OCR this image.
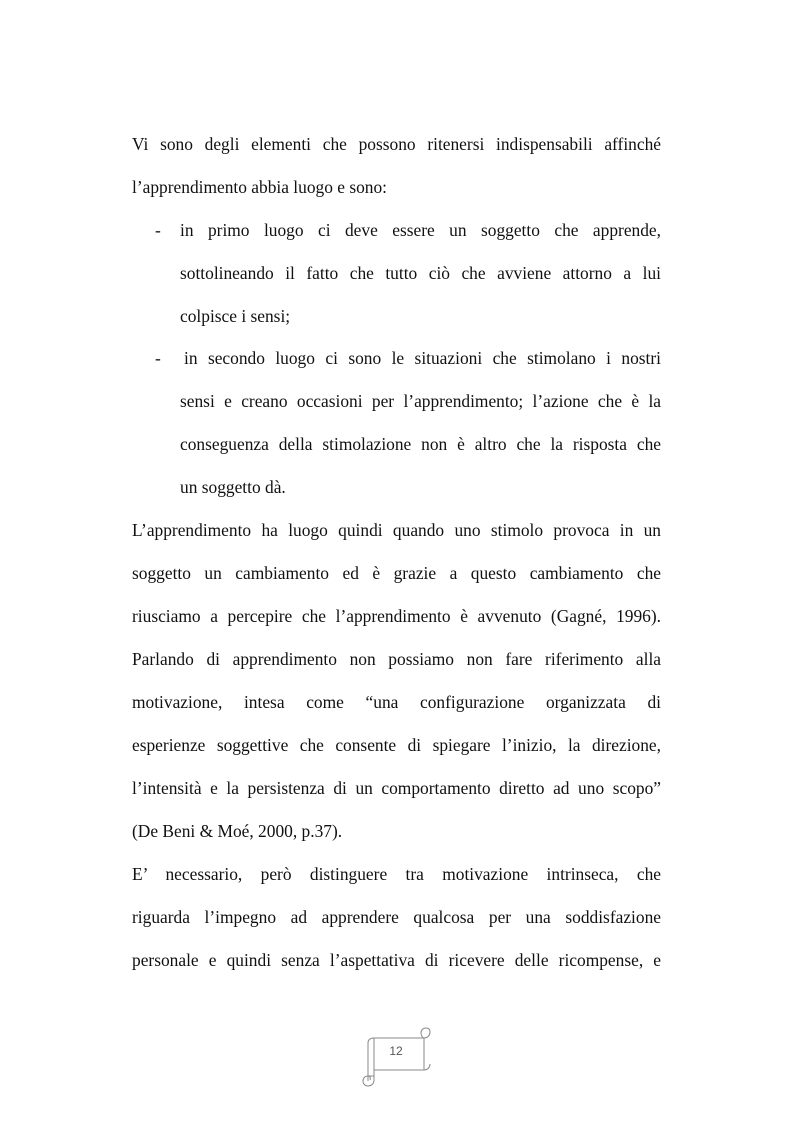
Vi sono degli elementi che possono ritenersi indispensabili affinché
l’apprendimento abbia luogo e sono:
- in primo luogo ci deve essere un soggetto che apprende,
sottolineando il fatto che tutto ciò che avviene attorno a lui
colpisce i sensi;
- in secondo luogo ci sono le situazioni che stimolano i nostri
sensi e creano occasioni per l’apprendimento; l’azione che è la
conseguenza della stimolazione non è altro che la risposta che
un soggetto dà.
L’apprendimento ha luogo quindi quando uno stimolo provoca in un
soggetto un cambiamento ed è grazie a questo cambiamento che
riusciamo a percepire che l’apprendimento è avvenuto (Gagné, 1996).
Parlando di apprendimento non possiamo non fare riferimento alla
motivazione, intesa come “una configurazione organizzata di
esperienze soggettive che consente di spiegare l’inizio, la direzione,
l’intensità e la persistenza di un comportamento diretto ad uno scopo”
(De Beni & Moé, 2000, p.37).
E’ necessario, però distinguere tra motivazione intrinseca, che
riguarda l’impegno ad apprendere qualcosa per una soddisfazione
personale e quindi senza l’aspettativa di ricevere delle ricompense, e
12
